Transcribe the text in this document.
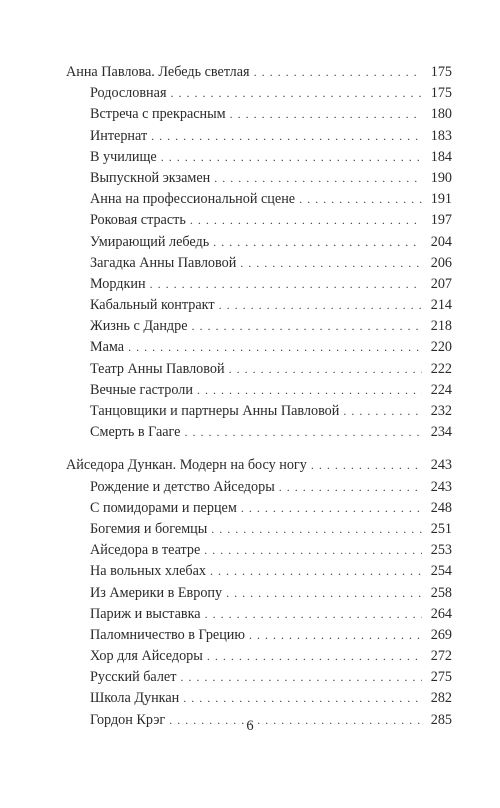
Анна Павлова. Лебедь светлая . . .	175
Родословная . . .	175
Встреча с прекрасным . . .	180
Интернат . . .	183
В училище . . .	184
Выпускной экзамен . . .	190
Анна на профессиональной сцене . . .	191
Роковая страсть . . .	197
Умирающий лебедь . . .	204
Загадка Анны Павловой . . .	206
Мордкин . . .	207
Кабальный контракт . . .	214
Жизнь с Дандре . . .	218
Мама . . .	220
Театр Анны Павловой . . .	222
Вечные гастроли . . .	224
Танцовщики и партнеры Анны Павловой . . .	232
Смерть в Гааге . . .	234
Айседора Дункан. Модерн на босу ногу . . .	243
Рождение и детство Айседоры . . .	243
С помидорами и перцем . . .	248
Богемия и богемцы . . .	251
Айседора в театре . . .	253
На вольных хлебах . . .	254
Из Америки в Европу . . .	258
Париж и выставка . . .	264
Паломничество в Грецию . . .	269
Хор для Айседоры . . .	272
Русский балет . . .	275
Школа Дункан . . .	282
Гордон Крэг . . .	285
6
